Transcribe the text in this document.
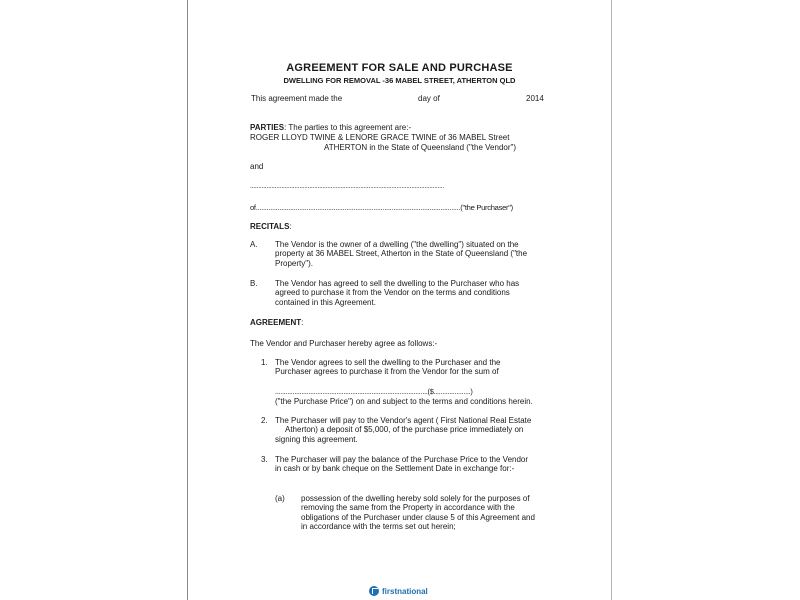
AGREEMENT FOR SALE AND PURCHASE
DWELLING FOR REMOVAL -36 MABEL STREET, ATHERTON QLD
This agreement made the	day of	2014
PARTIES: The parties to this agreement are:-
ROGER LLOYD TWINE & LENORE GRACE TWINE of 36 MABEL Street
ATHERTON in the State of Queensland ("the Vendor")
and
......................................................................................................................
of.................................................................................................................("the Purchaser")
RECITALS:
A. The Vendor is the owner of a dwelling ("the dwelling") situated on the
property at 36 MABEL Street, Atherton in the State of Queensland ("the
Property").
B. The Vendor has agreed to sell the dwelling to the Purchaser who has
agreed to purchase it from the Vendor on the terms and conditions
contained in this Agreement.
AGREEMENT:
The Vendor and Purchaser hereby agree as follows:-
1. The Vendor agrees to sell the dwelling to the Purchaser and the
Purchaser agrees to purchase it from the Vendor for the sum of
.......................................................................................($.....................)
("the Purchase Price") on and subject to the terms and conditions herein.
2. The Purchaser will pay to the Vendor's agent ( First National Real Estate
Atherton) a deposit of $5,000, of the purchase price immediately on
signing this agreement.
3. The Purchaser will pay the balance of the Purchase Price to the Vendor
in cash or by bank cheque on the Settlement Date in exchange for:-
(a) possession of the dwelling hereby sold solely for the purposes of
removing the same from the Property in accordance with the
obligations of the Purchaser under clause 5 of this Agreement and
in accordance with the terms set out herein;
firstnational
